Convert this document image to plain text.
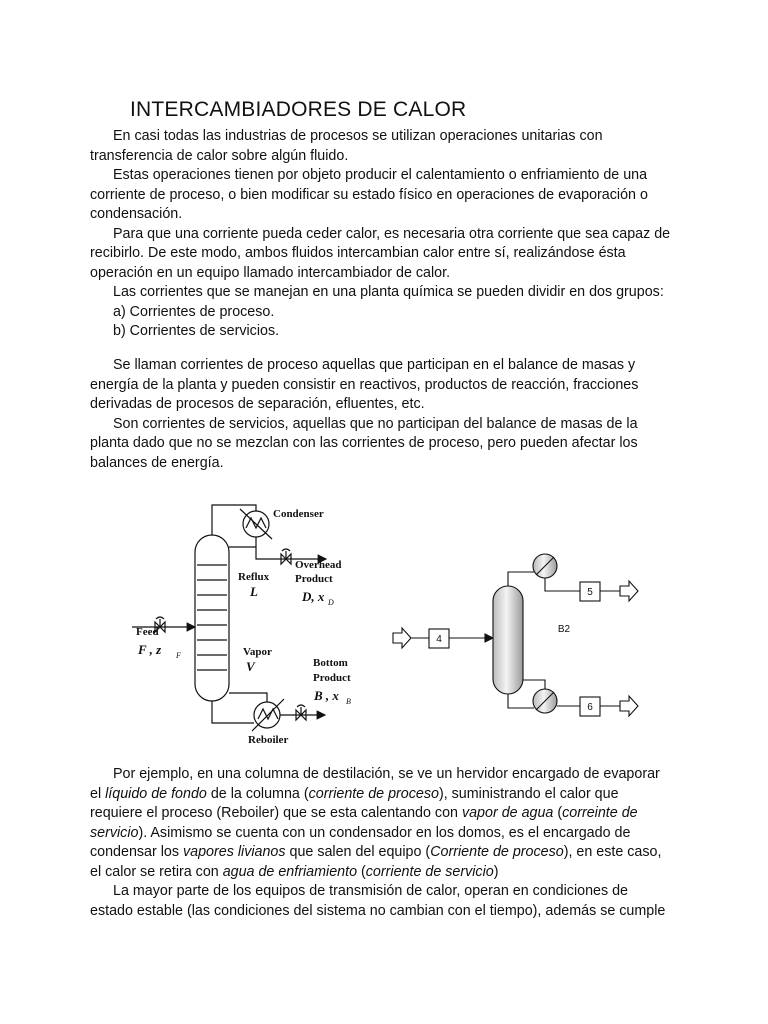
INTERCAMBIADORES DE CALOR
En casi todas las industrias de procesos se utilizan operaciones unitarias con
transferencia de calor sobre algún fluido.
Estas operaciones tienen por objeto producir el calentamiento o enfriamiento de una
corriente de proceso, o bien modificar su estado físico en operaciones de evaporación o
condensación.
Para que una corriente pueda ceder calor, es necesaria otra corriente que sea capaz de
recibirlo. De este modo, ambos fluidos intercambian calor entre sí, realizándose ésta
operación en un equipo llamado intercambiador de calor.
Las corrientes que se manejan en una planta química se pueden dividir en dos grupos:
a) Corrientes de proceso.
b) Corrientes de servicios.
Se llaman corrientes de proceso aquellas que participan en el balance de masas y
energía de la planta y pueden consistir en reactivos, productos de reacción, fracciones
derivadas de procesos de separación, efluentes, etc.
Son corrientes de servicios, aquellas que no participan del balance de masas de la
planta dado que no se mezclan con las corrientes de proceso, pero pueden afectar los
balances de energía.
Condenser
Overhead
Product
Reflux
Feed
Vapor
Bottom
Product
Reboiler
L	D, x
F , z
V
B , x
D
F
B
4
5
6
B2
Por ejemplo, en una columna de destilación, se ve un hervidor encargado de evaporar
el líquido de fondo de la columna (corriente de proceso), suministrando el calor que
requiere el proceso (Reboiler) que se esta calentando con vapor de agua (correinte de
servicio). Asimismo se cuenta con un condensador en los domos, es el encargado de
condensar los vapores livianos que salen del equipo (Corriente de proceso), en este caso,
el calor se retira con agua de enfriamiento (corriente de servicio)
La mayor parte de los equipos de transmisión de calor, operan en condiciones de
estado estable (las condiciones del sistema no cambian con el tiempo), además se cumple
